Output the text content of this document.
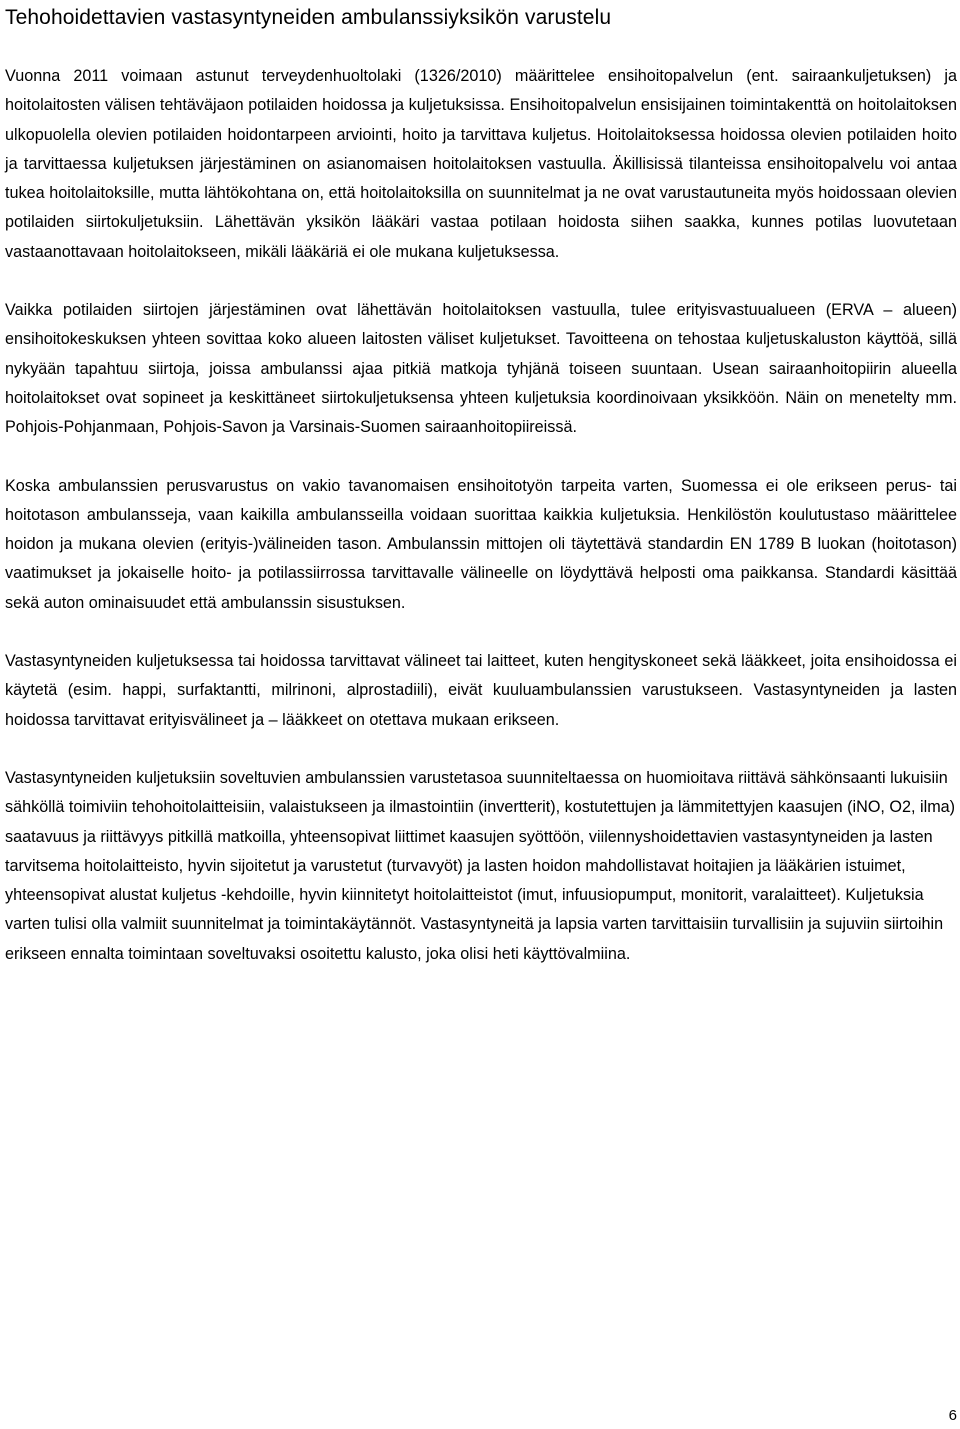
Tehohoidettavien vastasyntyneiden ambulanssiyksikön varustelu

Vuonna 2011 voimaan astunut terveydenhuoltolaki (1326/2010) määrittelee ensihoitopalvelun (ent. sairaankuljetuksen) ja hoitolaitosten välisen tehtäväjaon potilaiden hoidossa ja kuljetuksissa. Ensihoitopalvelun ensisijainen toimintakenttä on hoitolaitoksen ulkopuolella olevien potilaiden hoidontarpeen arviointi, hoito ja tarvittava kuljetus. Hoitolaitoksessa hoidossa olevien potilaiden hoito ja tarvittaessa kuljetuksen järjestäminen on asianomaisen hoitolaitoksen vastuulla. Äkillisissä tilanteissa ensihoitopalvelu voi antaa tukea hoitolaitoksille, mutta lähtökohtana on, että hoitolaitoksilla on suunnitelmat ja ne ovat varustautuneita myös hoidossaan olevien potilaiden siirtokuljetuksiin. Lähettävän yksikön lääkäri vastaa potilaan hoidosta siihen saakka, kunnes potilas luovutetaan vastaanottavaan hoitolaitokseen, mikäli lääkäriä ei ole mukana kuljetuksessa.

Vaikka potilaiden siirtojen järjestäminen ovat lähettävän hoitolaitoksen vastuulla, tulee erityisvastuualueen (ERVA – alueen) ensihoitokeskuksen yhteen sovittaa koko alueen laitosten väliset kuljetukset. Tavoitteena on tehostaa kuljetuskaluston käyttöä, sillä nykyään tapahtuu siirtoja, joissa ambulanssi ajaa pitkiä matkoja tyhjänä toiseen suuntaan. Usean sairaanhoitopiirin alueella hoitolaitokset ovat sopineet ja keskittäneet siirtokuljetuksensa yhteen kuljetuksia koordinoivaan yksikköön. Näin on menetelty mm. Pohjois-Pohjanmaan, Pohjois-Savon ja Varsinais-Suomen sairaanhoitopiireissä.

Koska ambulanssien perusvarustus on vakio tavanomaisen ensihoitotyön tarpeita varten, Suomessa ei ole erikseen perus- tai hoitotason ambulansseja, vaan kaikilla ambulansseilla voidaan suorittaa kaikkia kuljetuksia. Henkilöstön koulutustaso määrittelee hoidon ja mukana olevien (erityis-)välineiden tason. Ambulanssin mittojen oli täytettävä standardin EN 1789 B luokan (hoitotason) vaatimukset ja jokaiselle hoito- ja potilassiirrossa tarvittavalle välineelle on löydyttävä helposti oma paikkansa. Standardi käsittää sekä auton ominaisuudet että ambulanssin sisustuksen.

Vastasyntyneiden kuljetuksessa tai hoidossa tarvittavat välineet tai laitteet, kuten hengityskoneet sekä lääkkeet, joita ensihoidossa ei käytetä (esim. happi, surfaktantti, milrinoni, alprostadiili), eivät kuuluambulanssien varustukseen. Vastasyntyneiden ja lasten hoidossa tarvittavat erityisvälineet ja – lääkkeet on otettava mukaan erikseen.

Vastasyntyneiden kuljetuksiin soveltuvien ambulanssien varustetasoa suunniteltaessa on huomioitava riittävä sähkönsaanti lukuisiin sähköllä toimiviin tehohoitolaitteisiin, valaistukseen ja ilmastointiin (invertterit), kostutettujen ja lämmitettyjen kaasujen (iNO, O2, ilma) saatavuus ja riittävyys pitkillä matkoilla, yhteensopivat liittimet kaasujen syöttöön, viilennyshoidettavien vastasyntyneiden ja lasten tarvitsema hoitolaitteisto, hyvin sijoitetut ja varustetut (turvavyöt) ja lasten hoidon mahdollistavat hoitajien ja lääkärien istuimet, yhteensopivat alustat kuljetus -kehdoille, hyvin kiinnitetyt hoitolaitteistot (imut, infuusiopumput, monitorit, varalaitteet). Kuljetuksia varten tulisi olla valmiit suunnitelmat ja toimintakäytännöt. Vastasyntyneitä ja lapsia varten tarvittaisiin turvallisiin ja sujuviin siirtoihin erikseen ennalta toimintaan soveltuvaksi osoitettu kalusto, joka olisi heti käyttövalmiina.

6
